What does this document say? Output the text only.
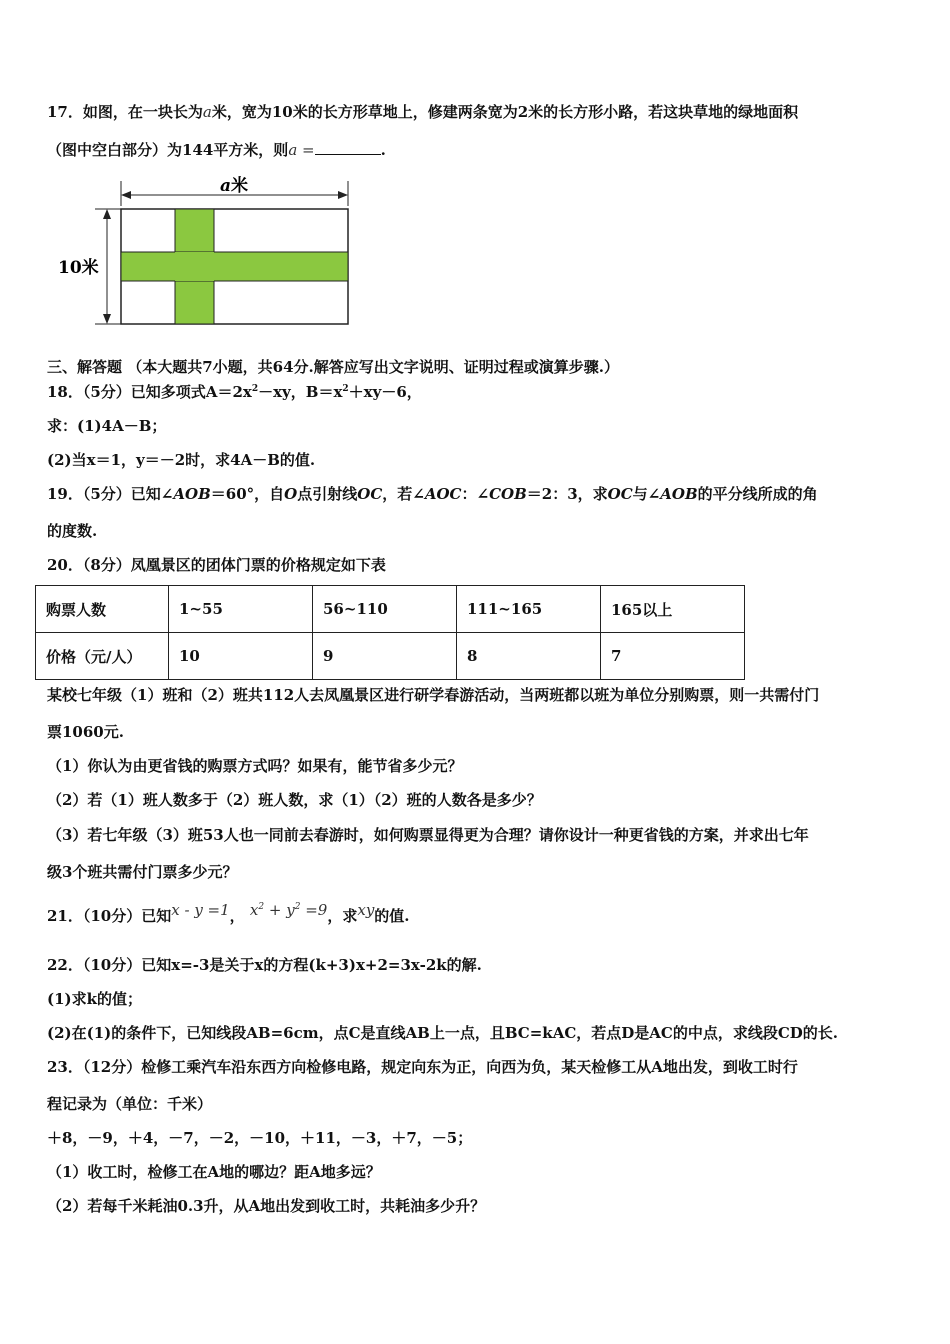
17．如图，在一块长为a米，宽为10米的长方形草地上，修建两条宽为2米的长方形小路，若这块草地的绿地面积
（图中空白部分）为144平方米，则a =	.
a 米
10米
三、解答题 （本大题共7小题，共64分.解答应写出文字说明、证明过程或演算步骤.）
18．（5分）已知多项式$A=2x^2-xy$，$B=x^2+xy-6$，
求：(1)4A－B；
(2)当x＝1，y＝－2时，求4A－B的值.
19．（5分）已知∠AOB＝60°，自O点引射线OC，若∠AOC：∠COB＝2：3，求OC与∠AOB的平分线所成的角
的度数.
20．（8分）凤凰景区的团体门票的价格规定如下表
购票人数	1~55	56~110	111~165	165以上
价格（元/人）	10	9	8	7
某校七年级（1）班和（2）班共112人去凤凰景区进行研学春游活动，当两班都以班为单位分别购票，则一共需付门
票1060元.
（1）你认为由更省钱的购票方式吗？如果有，能节省多少元？
（2）若（1）班人数多于（2）班人数，求（1）（2）班的人数各是多少？
（3）若七年级（3）班53人也一同前去春游时，如何购票显得更为合理？请你设计一种更省钱的方案，并求出七年
级3个班共需付门票多少元？
21．（10分）已知x - y =1， $x^2 + y^2 =9$，求xy的值.
22．（10分）已知x=-3是关于x的方程(k+3)x+2=3x-2k的解.
(1)求k的值；
(2)在(1)的条件下，已知线段AB=6cm，点C是直线AB上一点，且BC=kAC，若点D是AC的中点，求线段CD的长.
23．（12分）检修工乘汽车沿东西方向检修电路，规定向东为正，向西为负，某天检修工从A地出发，到收工时行
程记录为（单位：千米）
＋8，－9，＋4，－7，－2，－10，＋11，－3，＋7，－5；
（1）收工时，检修工在A地的哪边？距A地多远？
（2）若每千米耗油0.3升，从A地出发到收工时，共耗油多少升？
